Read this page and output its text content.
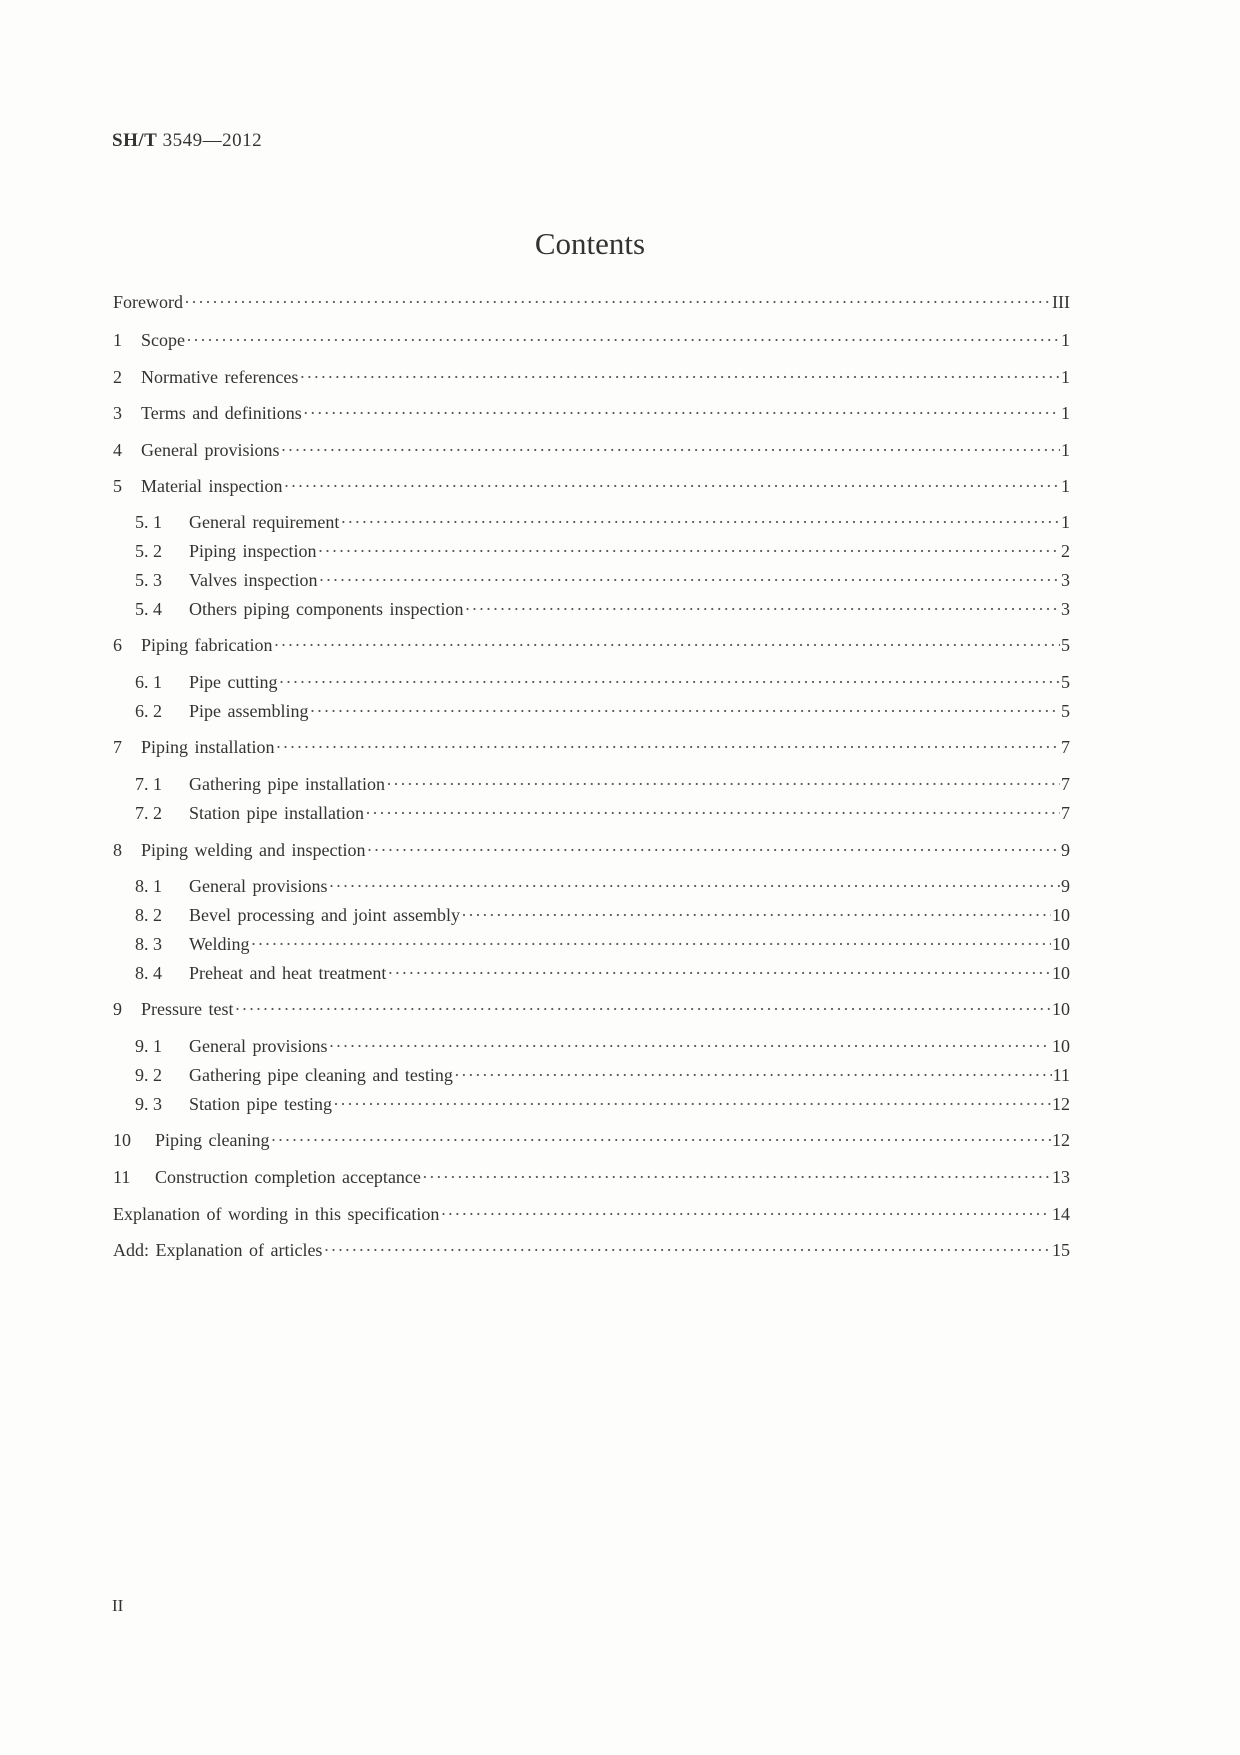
SH/T 3549—2012
Contents
Foreword ·····	III
1	Scope ·····	1
2	Normative references ·····	1
3	Terms and definitions ·····	1
4	General provisions ·····	1
5	Material inspection ·····	1
5. 1	General requirement ·····	1
5. 2	Piping inspection ·····	2
5. 3	Valves inspection ·····	3
5. 4	Others piping components inspection ·····	3
6	Piping fabrication ·····	5
6. 1	Pipe cutting ·····	5
6. 2	Pipe assembling ·····	5
7	Piping installation ·····	7
7. 1	Gathering pipe installation ·····	7
7. 2	Station pipe installation ·····	7
8	Piping welding and inspection ·····	9
8. 1	General provisions ·····	9
8. 2	Bevel processing and joint assembly ·····	10
8. 3	Welding ·····	10
8. 4	Preheat and heat treatment ·····	10
9	Pressure test ·····	10
9. 1	General provisions ·····	10
9. 2	Gathering pipe cleaning and testing ·····	11
9. 3	Station pipe testing ·····	12
10	Piping cleaning ·····	12
11	Construction completion acceptance ·····	13
Explanation of wording in this specification ·····	14
Add: Explanation of articles ·····	15
II
